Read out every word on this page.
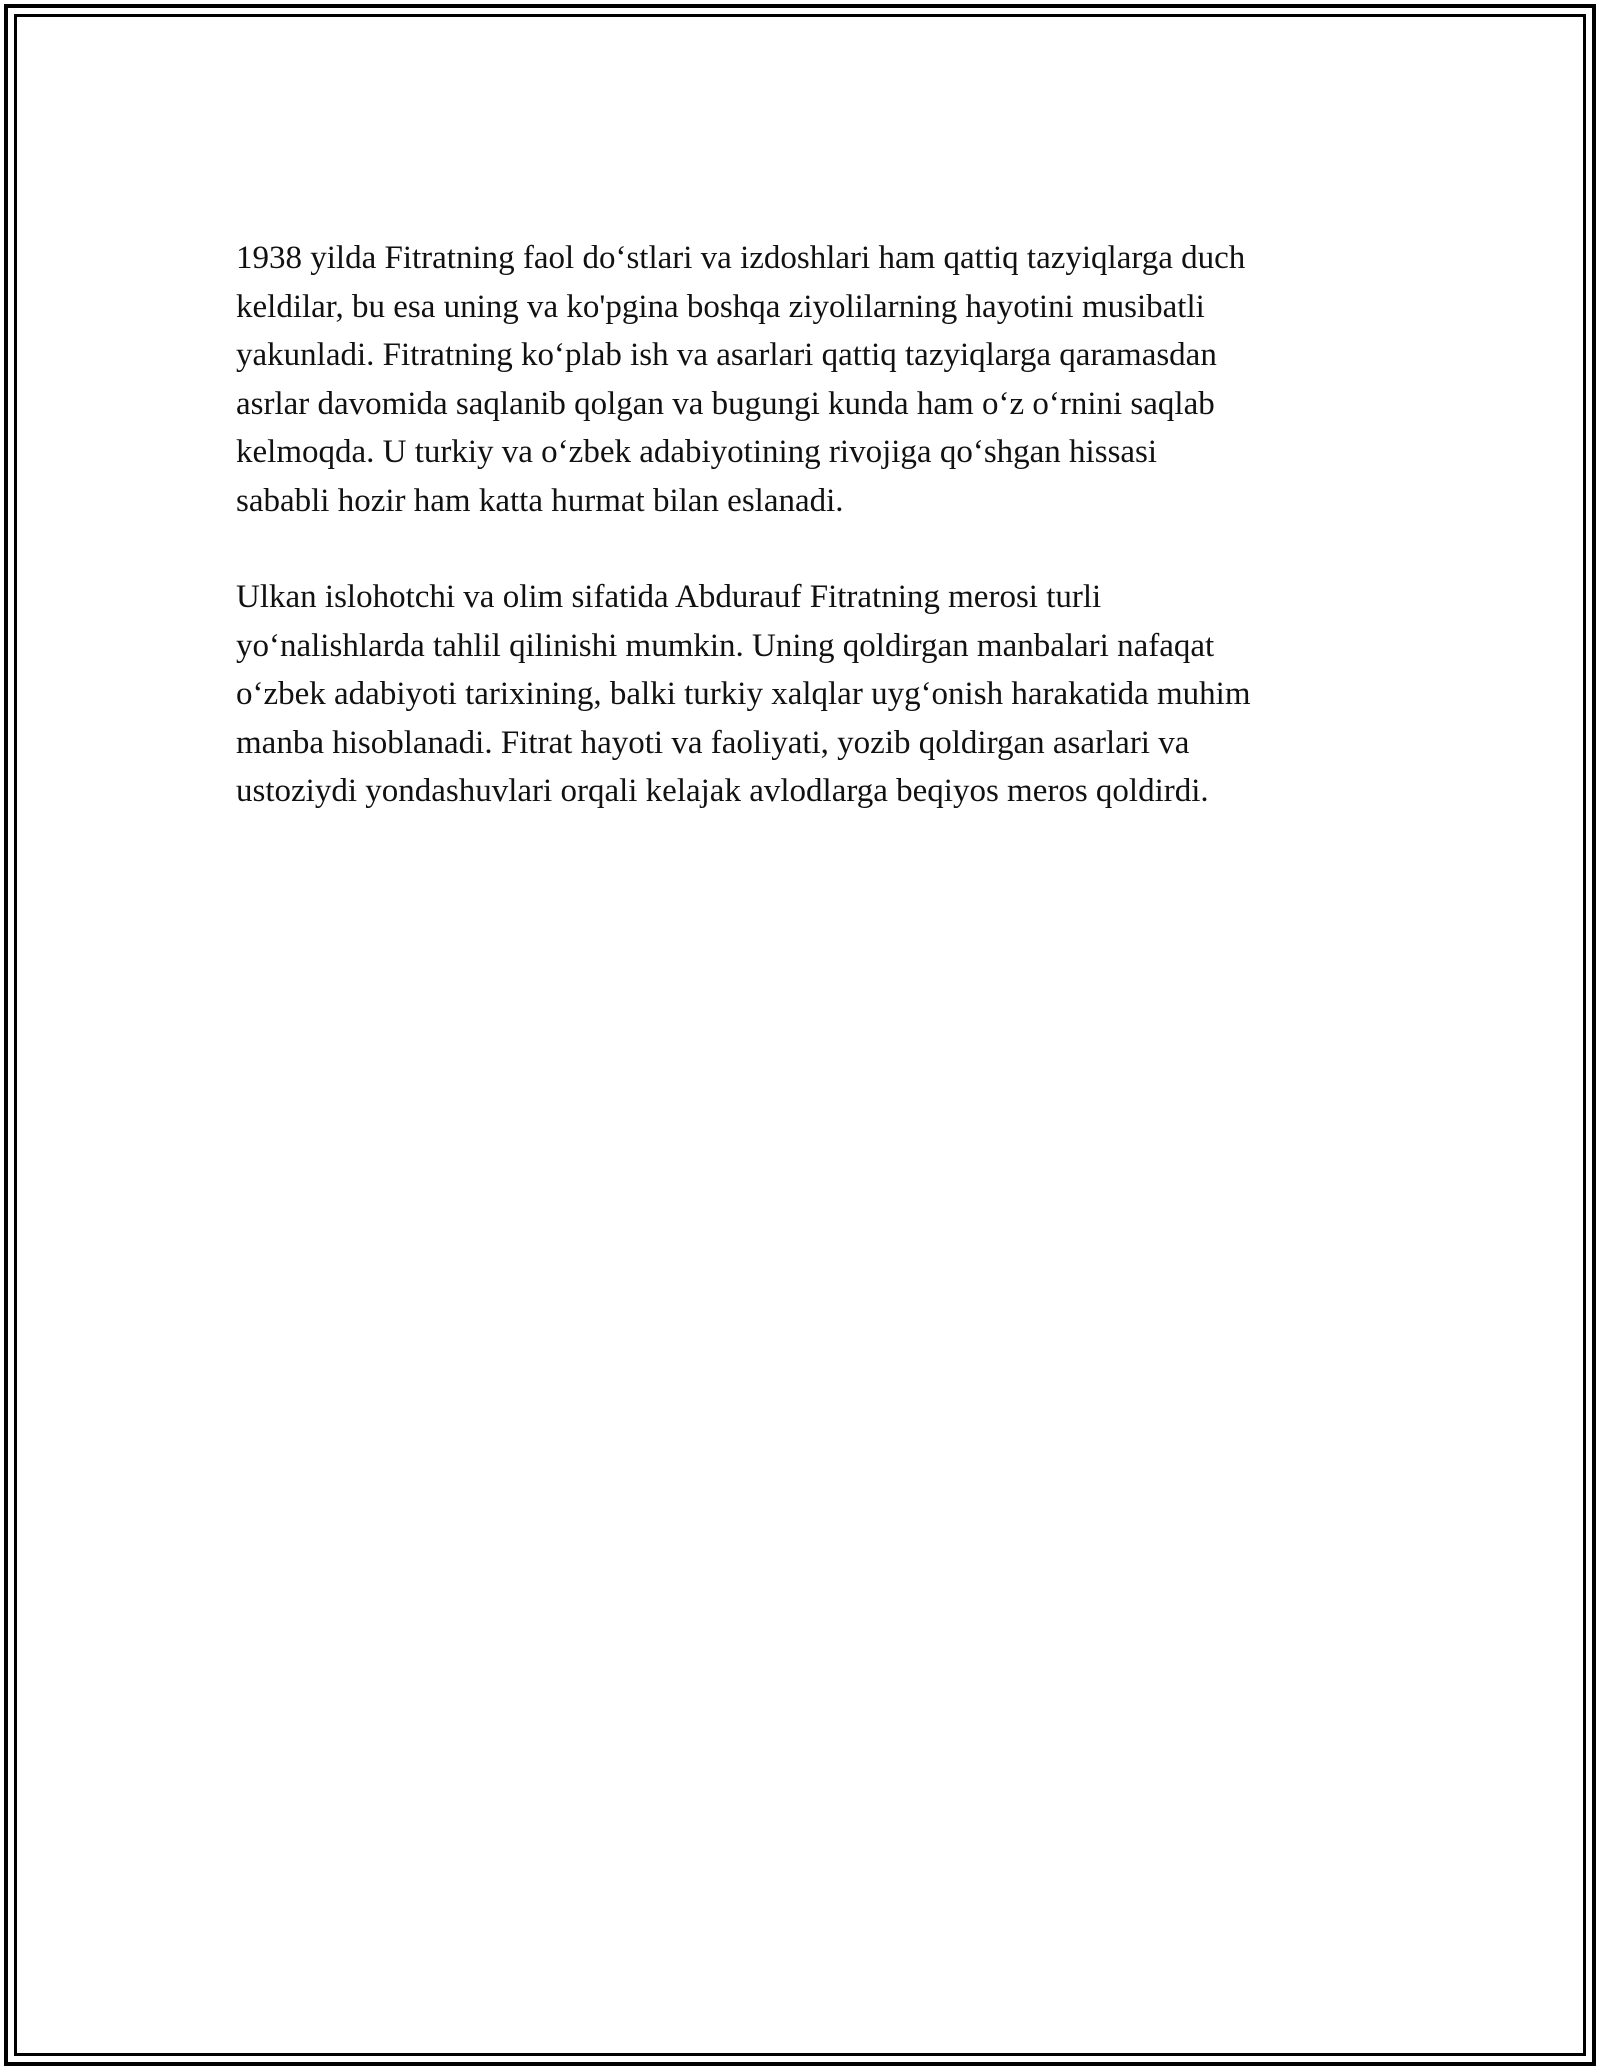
1938 yilda Fitratning faol do‘stlari va izdoshlari ham qattiq tazyiqlarga duch
keldilar, bu esa uning va ko'pgina boshqa ziyolilarning hayotini musibatli
yakunladi. Fitratning ko‘plab ish va asarlari qattiq tazyiqlarga qaramasdan
asrlar davomida saqlanib qolgan va bugungi kunda ham o‘z o‘rnini saqlab
kelmoqda. U turkiy va o‘zbek adabiyotining rivojiga qo‘shgan hissasi
sababli hozir ham katta hurmat bilan eslanadi.

Ulkan islohotchi va olim sifatida Abdurauf Fitratning merosi turli
yo‘nalishlarda tahlil qilinishi mumkin. Uning qoldirgan manbalari nafaqat
o‘zbek adabiyoti tarixining, balki turkiy xalqlar uyg‘onish harakatida muhim
manba hisoblanadi. Fitrat hayoti va faoliyati, yozib qoldirgan asarlari va
ustoziydi yondashuvlari orqali kelajak avlodlarga beqiyos meros qoldirdi.
